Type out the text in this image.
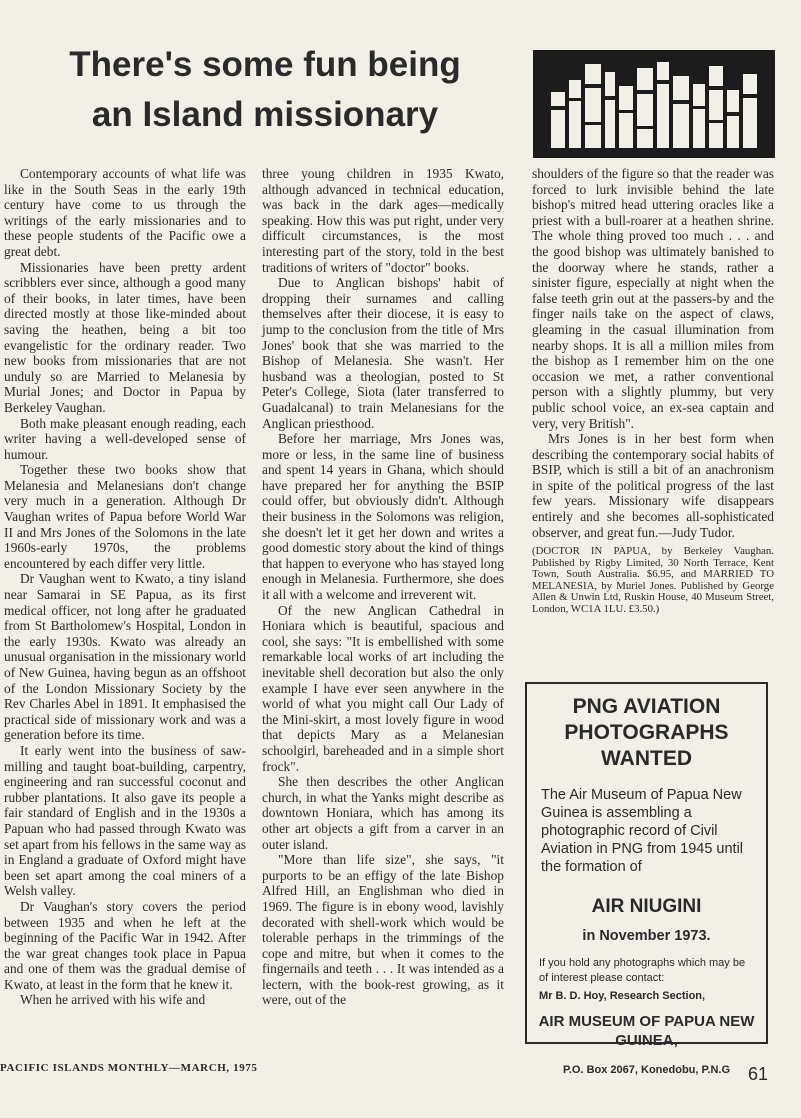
There's some fun being
an Island missionary

Contemporary accounts of what life was like in the South Seas in the early 19th century have come to us through the writings of the early missionaries and to these people students of the Pacific owe a great debt.

Missionaries have been pretty ardent scribblers ever since, although a good many of their books, in later times, have been directed mostly at those like-minded about saving the heathen, being a bit too evangelistic for the ordinary reader. Two new books from missionaries that are not unduly so are Married to Melanesia by Murial Jones; and Doctor in Papua by Berkeley Vaughan.

Both make pleasant enough reading, each writer having a well-developed sense of humour.

Together these two books show that Melanesia and Melanesians don't change very much in a generation. Although Dr Vaughan writes of Papua before World War II and Mrs Jones of the Solomons in the late 1960s-early 1970s, the problems encountered by each differ very little.

Dr Vaughan went to Kwato, a tiny island near Samarai in SE Papua, as its first medical officer, not long after he graduated from St Bartholomew's Hospital, London in the early 1930s. Kwato was already an unusual organisation in the missionary world of New Guinea, having begun as an offshoot of the London Missionary Society by the Rev Charles Abel in 1891. It emphasised the practical side of missionary work and was a generation before its time.

It early went into the business of saw-milling and taught boat-building, carpentry, engineering and ran successful coconut and rubber plantations. It also gave its people a fair standard of English and in the 1930s a Papuan who had passed through Kwato was set apart from his fellows in the same way as in England a graduate of Oxford might have been set apart among the coal miners of a Welsh valley.

Dr Vaughan's story covers the period between 1935 and when he left at the beginning of the Pacific War in 1942. After the war great changes took place in Papua and one of them was the gradual demise of Kwato, at least in the form that he knew it.

When he arrived with his wife and

three young children in 1935 Kwato, although advanced in technical education, was back in the dark ages—medically speaking. How this was put right, under very difficult circumstances, is the most interesting part of the story, told in the best traditions of writers of "doctor" books.

Due to Anglican bishops' habit of dropping their surnames and calling themselves after their diocese, it is easy to jump to the conclusion from the title of Mrs Jones' book that she was married to the Bishop of Melanesia. She wasn't. Her husband was a theologian, posted to St Peter's College, Siota (later transferred to Guadalcanal) to train Melanesians for the Anglican priesthood.

Before her marriage, Mrs Jones was, more or less, in the same line of business and spent 14 years in Ghana, which should have prepared her for anything the BSIP could offer, but obviously didn't. Although their business in the Solomons was religion, she doesn't let it get her down and writes a good domestic story about the kind of things that happen to everyone who has stayed long enough in Melanesia. Furthermore, she does it all with a welcome and irreverent wit.

Of the new Anglican Cathedral in Honiara which is beautiful, spacious and cool, she says: "It is embellished with some remarkable local works of art including the inevitable shell decoration but also the only example I have ever seen anywhere in the world of what you might call Our Lady of the Mini-skirt, a most lovely figure in wood that depicts Mary as a Melanesian schoolgirl, bareheaded and in a simple short frock".

She then describes the other Anglican church, in what the Yanks might describe as downtown Honiara, which has among its other art objects a gift from a carver in an outer island.

"More than life size", she says, "it purports to be an effigy of the late Bishop Alfred Hill, an Englishman who died in 1969. The figure is in ebony wood, lavishly decorated with shell-work which would be tolerable perhaps in the trimmings of the cope and mitre, but when it comes to the fingernails and teeth . . . It was intended as a lectern, with the book-rest growing, as it were, out of the

shoulders of the figure so that the reader was forced to lurk invisible behind the late bishop's mitred head uttering oracles like a priest with a bull-roarer at a heathen shrine. The whole thing proved too much . . . and the good bishop was ultimately banished to the doorway where he stands, rather a sinister figure, especially at night when the false teeth grin out at the passers-by and the finger nails take on the aspect of claws, gleaming in the casual illumination from nearby shops. It is all a million miles from the bishop as I remember him on the one occasion we met, a rather conventional person with a slightly plummy, but very public school voice, an ex-sea captain and very, very British".

Mrs Jones is in her best form when describing the contemporary social habits of BSIP, which is still a bit of an anachronism in spite of the political progress of the last few years. Missionary wife disappears entirely and she becomes all-sophisticated observer, and great fun.—Judy Tudor.

(DOCTOR IN PAPUA, by Berkeley Vaughan. Published by Rigby Limited, 30 North Terrace, Kent Town, South Australia. $6.95, and MARRIED TO MELANESIA, by Muriel Jones. Published by George Allen & Unwin Ltd, Ruskin House, 40 Museum Street, London, WC1A 1LU. £3.50.)

PNG AVIATION
PHOTOGRAPHS
WANTED
The Air Museum of Papua New Guinea is assembling a photographic record of Civil Aviation in PNG from 1945 until the formation of
AIR NIUGINI
in November 1973.
If you hold any photographs which may be of interest please contact:
Mr B. D. Hoy, Research Section,
AIR MUSEUM OF PAPUA NEW
GUINEA,
P.O. Box 2067, Konedobu, P.N.G
PACIFIC ISLANDS MONTHLY—MARCH, 1975	61
